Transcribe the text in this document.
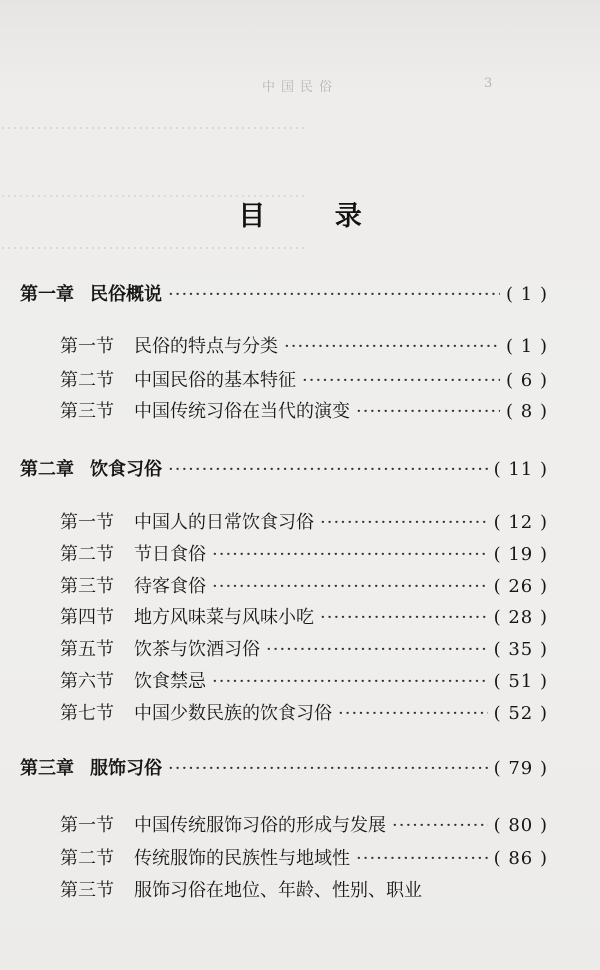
⋯⋯⋯⋯⋯⋯⋯⋯⋯⋯⋯⋯⋯⋯⋯⋯⋯
⋯⋯⋯⋯⋯⋯⋯⋯⋯⋯⋯⋯⋯⋯⋯⋯⋯
⋯⋯⋯⋯⋯⋯⋯⋯⋯⋯⋯⋯⋯⋯⋯⋯⋯
中国民俗	3
目 录
第一章 民俗概说 ·····	( 1 )
第一节 民俗的特点与分类 ·····	( 1 )
第二节 中国民俗的基本特征 ·····	( 6 )
第三节 中国传统习俗在当代的演变 ·····	( 8 )
第二章 饮食习俗 ·····	( 11 )
第一节 中国人的日常饮食习俗 ·····	( 12 )
第二节 节日食俗 ·····	( 19 )
第三节 待客食俗 ·····	( 26 )
第四节 地方风味菜与风味小吃 ·····	( 28 )
第五节 饮茶与饮酒习俗 ·····	( 35 )
第六节 饮食禁忌 ·····	( 51 )
第七节 中国少数民族的饮食习俗 ·····	( 52 )
第三章 服饰习俗 ·····	( 79 )
第一节 中国传统服饰习俗的形成与发展 ·····	( 80 )
第二节 传统服饰的民族性与地域性 ·····	( 86 )
第三节 服饰习俗在地位、年龄、性别、职业
